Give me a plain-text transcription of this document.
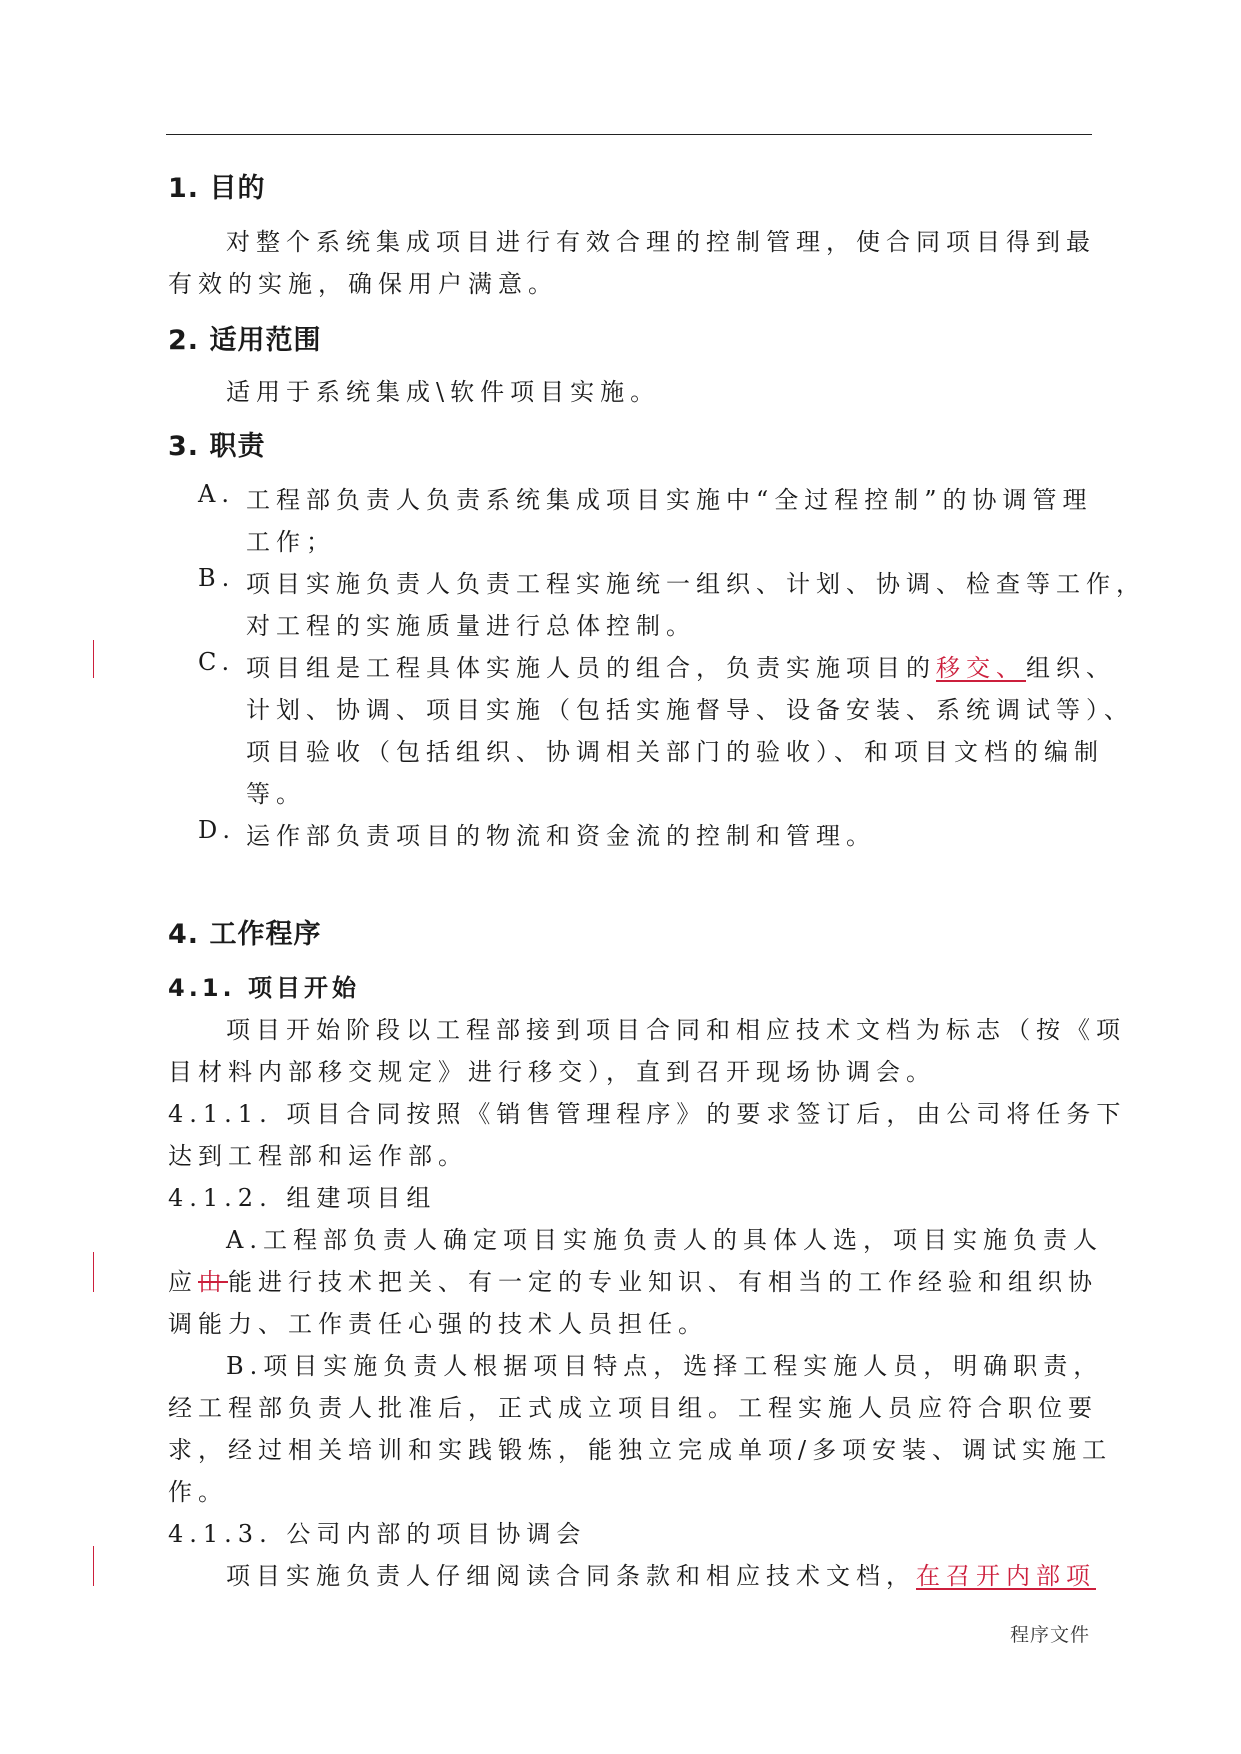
1. 目的
对整个系统集成项目进行有效合理的控制管理，使合同项目得到最
有效的实施，确保用户满意。
2. 适用范围
适用于系统集成\软件项目实施。
3. 职责
A. 工程部负责人负责系统集成项目实施中“全过程控制”的协调管理
工作；
B. 项目实施负责人负责工程实施统一组织、计划、协调、检查等工作，
对工程的实施质量进行总体控制。
C. 项目组是工程具体实施人员的组合，负责实施项目的移交、组织、
计划、协调、项目实施（包括实施督导、设备安装、系统调试等）、
项目验收（包括组织、协调相关部门的验收）、和项目文档的编制
等。
D. 运作部负责项目的物流和资金流的控制和管理。
4. 工作程序
4.1. 项目开始
项目开始阶段以工程部接到项目合同和相应技术文档为标志（按《项
目材料内部移交规定》进行移交），直到召开现场协调会。
4.1.1. 项目合同按照《销售管理程序》的要求签订后，由公司将任务下
达到工程部和运作部。
4.1.2. 组建项目组
A.工程部负责人确定项目实施负责人的具体人选，项目实施负责人
应由能进行技术把关、有一定的专业知识、有相当的工作经验和组织协
调能力、工作责任心强的技术人员担任。
B.项目实施负责人根据项目特点，选择工程实施人员，明确职责，
经工程部负责人批准后，正式成立项目组。工程实施人员应符合职位要
求，经过相关培训和实践锻炼，能独立完成单项/多项安装、调试实施工
作。
4.1.3. 公司内部的项目协调会
项目实施负责人仔细阅读合同条款和相应技术文档，在召开内部项
程序文件
